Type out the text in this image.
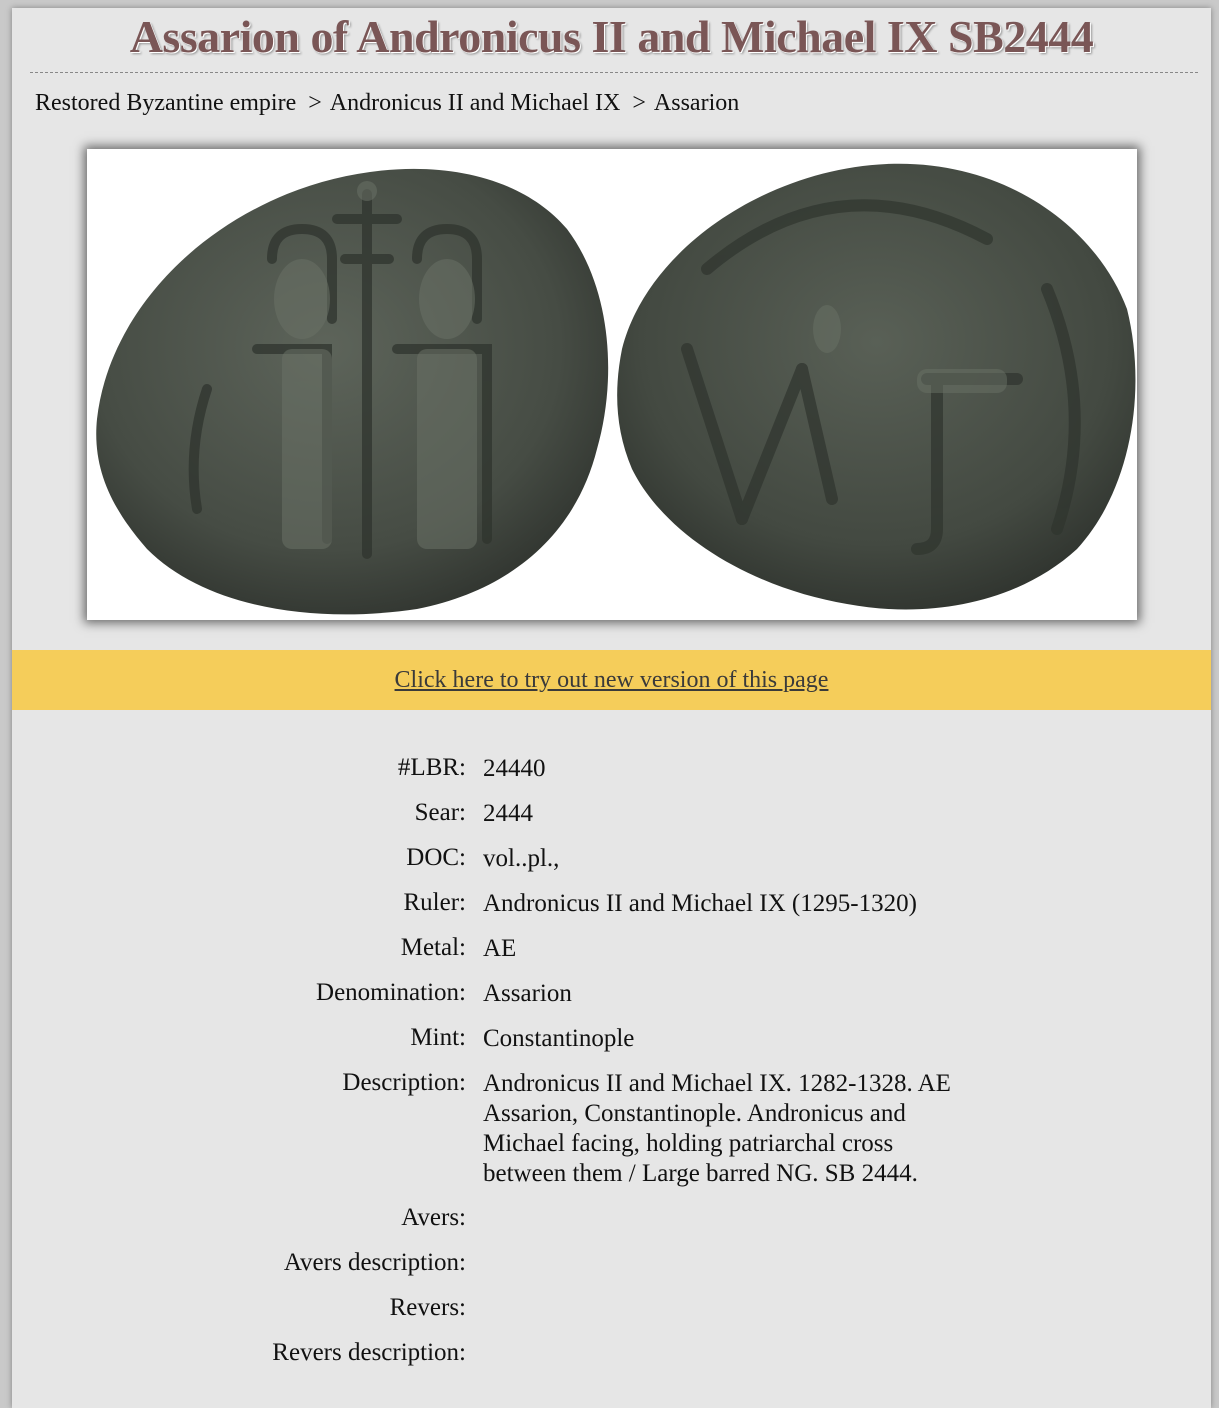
Assarion of Andronicus II and Michael IX SB2444
Restored Byzantine empire > Andronicus II and Michael IX > Assarion
Click here to try out new version of this page
#LBR: 24440
Sear: 2444
DOC: vol..pl.,
Ruler: Andronicus II and Michael IX (1295-1320)
Metal: AE
Denomination: Assarion
Mint: Constantinople
Description: Andronicus II and Michael IX. 1282-1328. AE Assarion, Constantinople. Andronicus and Michael facing, holding patriarchal cross between them / Large barred NG. SB 2444.
Avers:
Avers description:
Revers:
Revers description:
